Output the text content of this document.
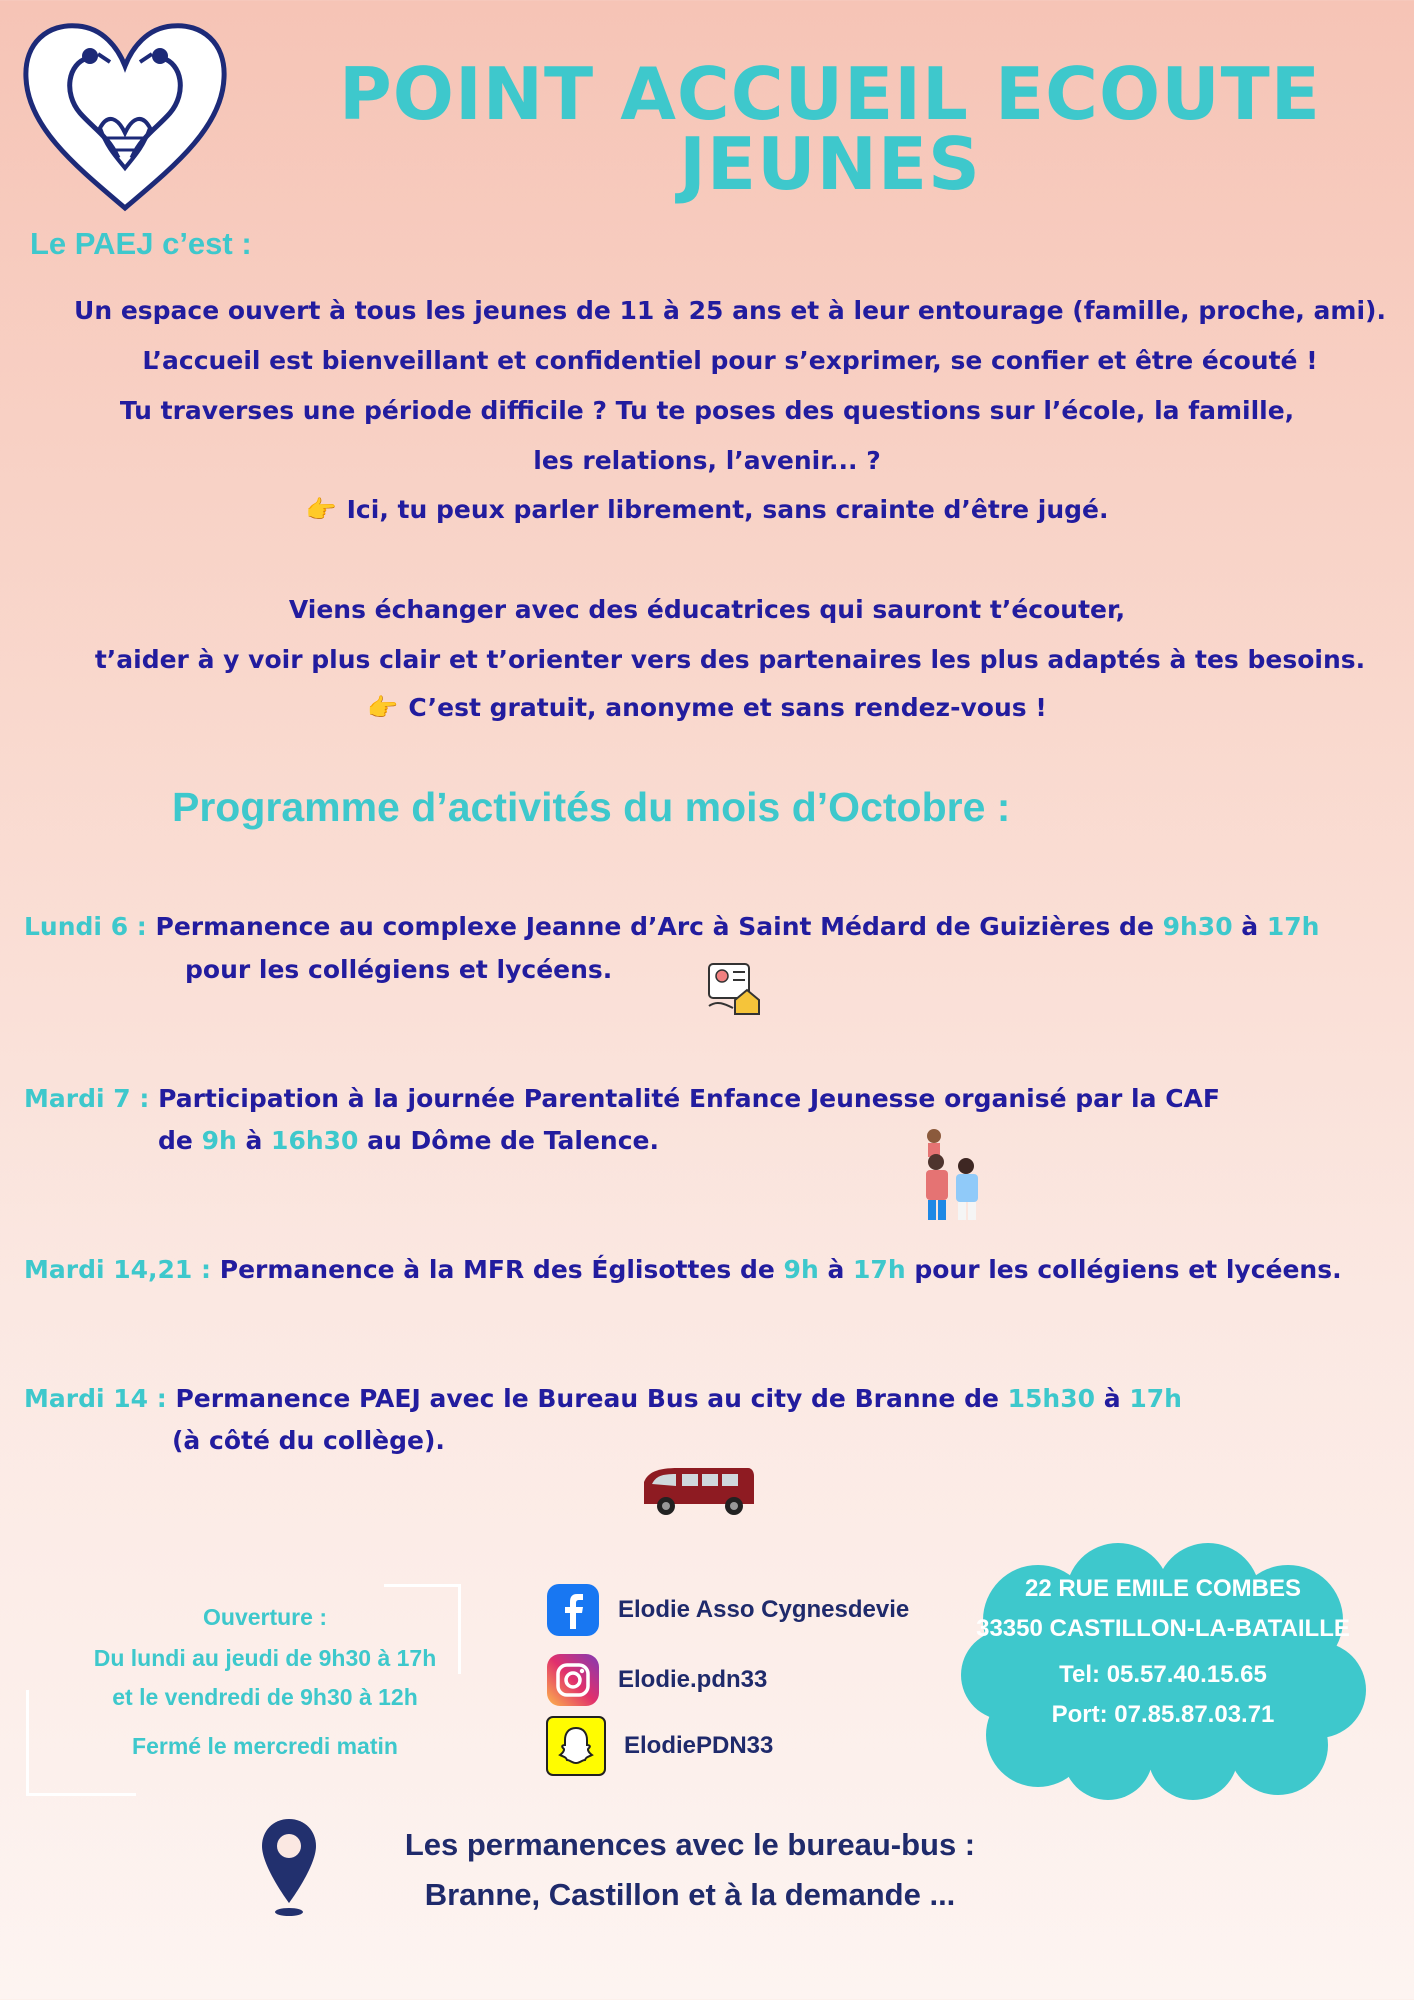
POINT ACCUEIL ECOUTE
JEUNES
Le PAEJ c’est :
Un espace ouvert à tous les jeunes de 11 à 25 ans et à leur entourage (famille, proche, ami).
L’accueil est bienveillant et confidentiel pour s’exprimer, se confier et être écouté !
Tu traverses une période difficile ? Tu te poses des questions sur l’école, la famille,
les relations, l’avenir... ?
👉 Ici, tu peux parler librement, sans crainte d’être jugé.
Viens échanger avec des éducatrices qui sauront t’écouter,
t’aider à y voir plus clair et t’orienter vers des partenaires les plus adaptés à tes besoins.
👉 C’est gratuit, anonyme et sans rendez-vous !
Programme d’activités du mois d’Octobre :
Lundi 6 : Permanence au complexe Jeanne d’Arc à Saint Médard de Guizières de 9h30 à 17h
pour les collégiens et lycéens.
Mardi 7 : Participation à la journée Parentalité Enfance Jeunesse organisé par la CAF
de 9h à 16h30 au Dôme de Talence.
Mardi 14,21 : Permanence à la MFR des Églisottes de 9h à 17h pour les collégiens et lycéens.
Mardi 14 : Permanence PAEJ avec le Bureau Bus au city de Branne de 15h30 à 17h
(à côté du collège).
Ouverture :
Du lundi au jeudi de 9h30 à 17h
et le vendredi de 9h30 à 12h
Fermé le mercredi matin
Elodie Asso Cygnesdevie
Elodie.pdn33
ElodiePDN33
22 RUE EMILE COMBES
33350 CASTILLON-LA-BATAILLE
Tel: 05.57.40.15.65
Port: 07.85.87.03.71
Les permanences avec le bureau-bus :
Branne, Castillon et à la demande ...
